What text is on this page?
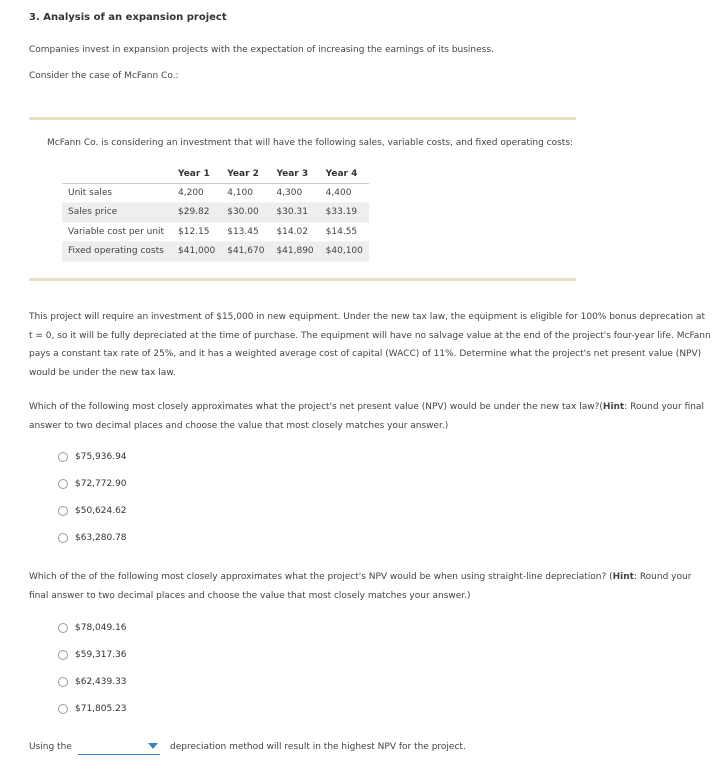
3. Analysis of an expansion project
Companies invest in expansion projects with the expectation of increasing the earnings of its business.
Consider the case of McFann Co.:
McFann Co. is considering an investment that will have the following sales, variable costs, and fixed operating costs:
	Year 1	Year 2	Year 3	Year 4
Unit sales	4,200	4,100	4,300	4,400
Sales price	$29.82	$30.00	$30.31	$33.19
Variable cost per unit	$12.15	$13.45	$14.02	$14.55
Fixed operating costs	$41,000	$41,670	$41,890	$40,100
This project will require an investment of $15,000 in new equipment. Under the new tax law, the equipment is eligible for 100% bonus deprecation at
t = 0, so it will be fully depreciated at the time of purchase. The equipment will have no salvage value at the end of the project's four-year life. McFann
pays a constant tax rate of 25%, and it has a weighted average cost of capital (WACC) of 11%. Determine what the project's net present value (NPV)
would be under the new tax law.
Which of the following most closely approximates what the project's net present value (NPV) would be under the new tax law?(Hint: Round your final
answer to two decimal places and choose the value that most closely matches your answer.)
$75,936.94
$72,772.90
$50,624.62
$63,280.78
Which of the of the following most closely approximates what the project's NPV would be when using straight-line depreciation? (Hint: Round your
final answer to two decimal places and choose the value that most closely matches your answer.)
$78,049.16
$59,317.36
$62,439.33
$71,805.23
Using the	depreciation method will result in the highest NPV for the project.
